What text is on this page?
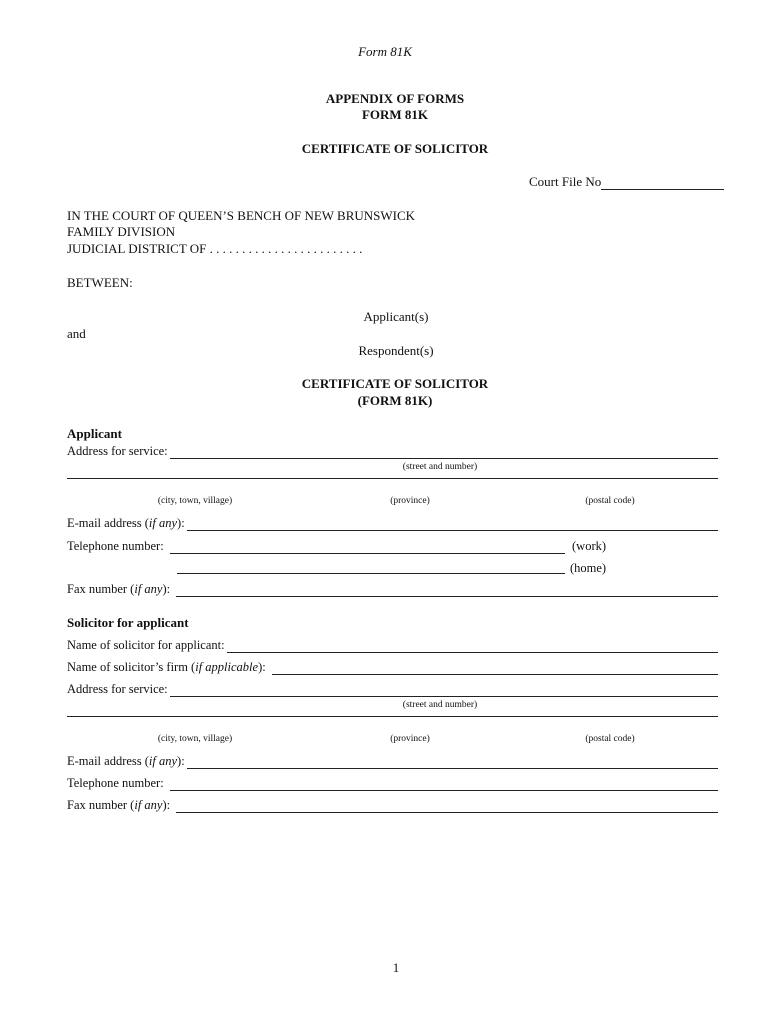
Form 81K
APPENDIX OF FORMS
FORM 81K
CERTIFICATE OF SOLICITOR
Court File No
IN THE COURT OF QUEEN’S BENCH OF NEW BRUNSWICK
FAMILY DIVISION
JUDICIAL DISTRICT OF . . . . . . . . . . . . . . . . . . . . . . . .
BETWEEN:
Applicant(s)
and
Respondent(s)
CERTIFICATE OF SOLICITOR
(FORM 81K)
Applicant
Address for service:
(street and number)
(city, town, village)	(province)	(postal code)
E-mail address (if any):
Telephone number:	(work)
(home)
Fax number (if any):
Solicitor for applicant
Name of solicitor for applicant:
Name of solicitor’s firm (if applicable):
Address for service:
(street and number)
(city, town, village)	(province)	(postal code)
E-mail address (if any):
Telephone number:
Fax number (if any):
1
